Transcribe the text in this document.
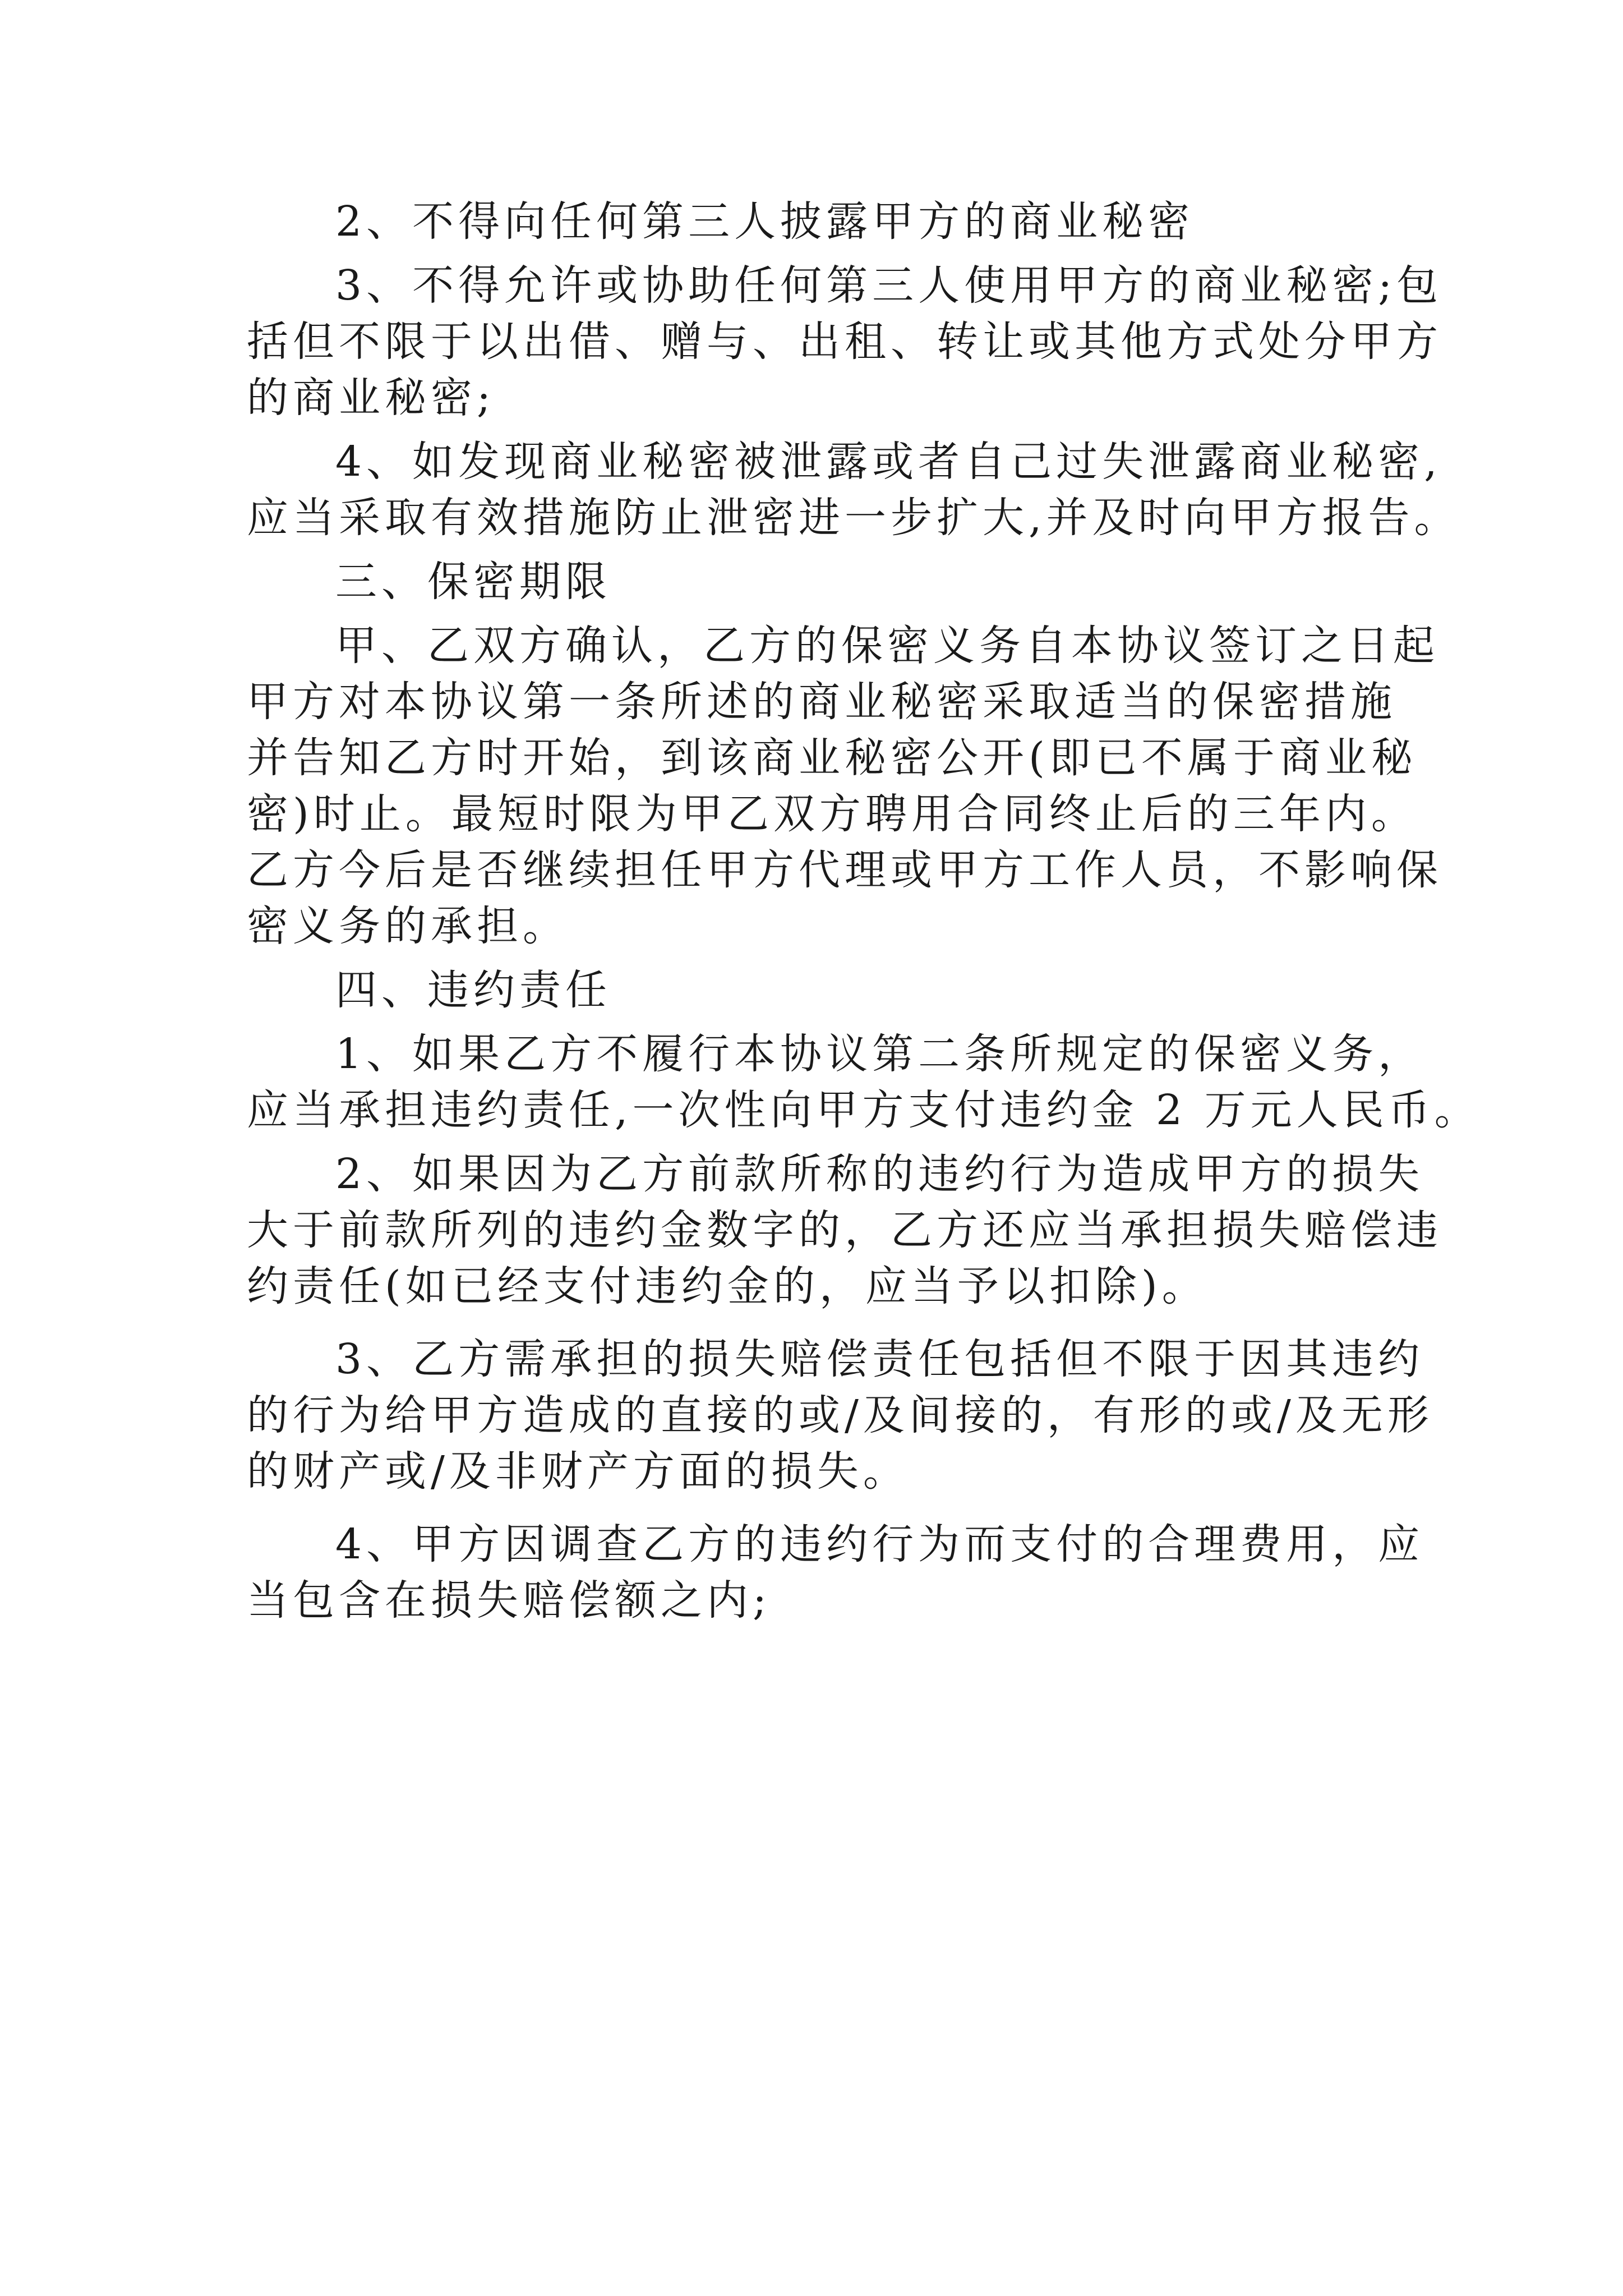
2、不得向任何第三人披露甲方的商业秘密
3、不得允许或协助任何第三人使用甲方的商业秘密;包
括但不限于以出借、赠与、出租、转让或其他方式处分甲方
的商业秘密;
4、如发现商业秘密被泄露或者自己过失泄露商业秘密,
应当采取有效措施防止泄密进一步扩大,并及时向甲方报告。
三、保密期限
甲、乙双方确认，乙方的保密义务自本协议签订之日起
甲方对本协议第一条所述的商业秘密采取适当的保密措施
并告知乙方时开始，到该商业秘密公开(即已不属于商业秘
密)时止。最短时限为甲乙双方聘用合同终止后的三年内。
乙方今后是否继续担任甲方代理或甲方工作人员，不影响保
密义务的承担。
四、违约责任
1、如果乙方不履行本协议第二条所规定的保密义务，
应当承担违约责任,一次性向甲方支付违约金 2 万元人民币。
2、如果因为乙方前款所称的违约行为造成甲方的损失
大于前款所列的违约金数字的，乙方还应当承担损失赔偿违
约责任(如已经支付违约金的，应当予以扣除)。
3、乙方需承担的损失赔偿责任包括但不限于因其违约
的行为给甲方造成的直接的或/及间接的，有形的或/及无形
的财产或/及非财产方面的损失。
4、甲方因调查乙方的违约行为而支付的合理费用，应
当包含在损失赔偿额之内;
